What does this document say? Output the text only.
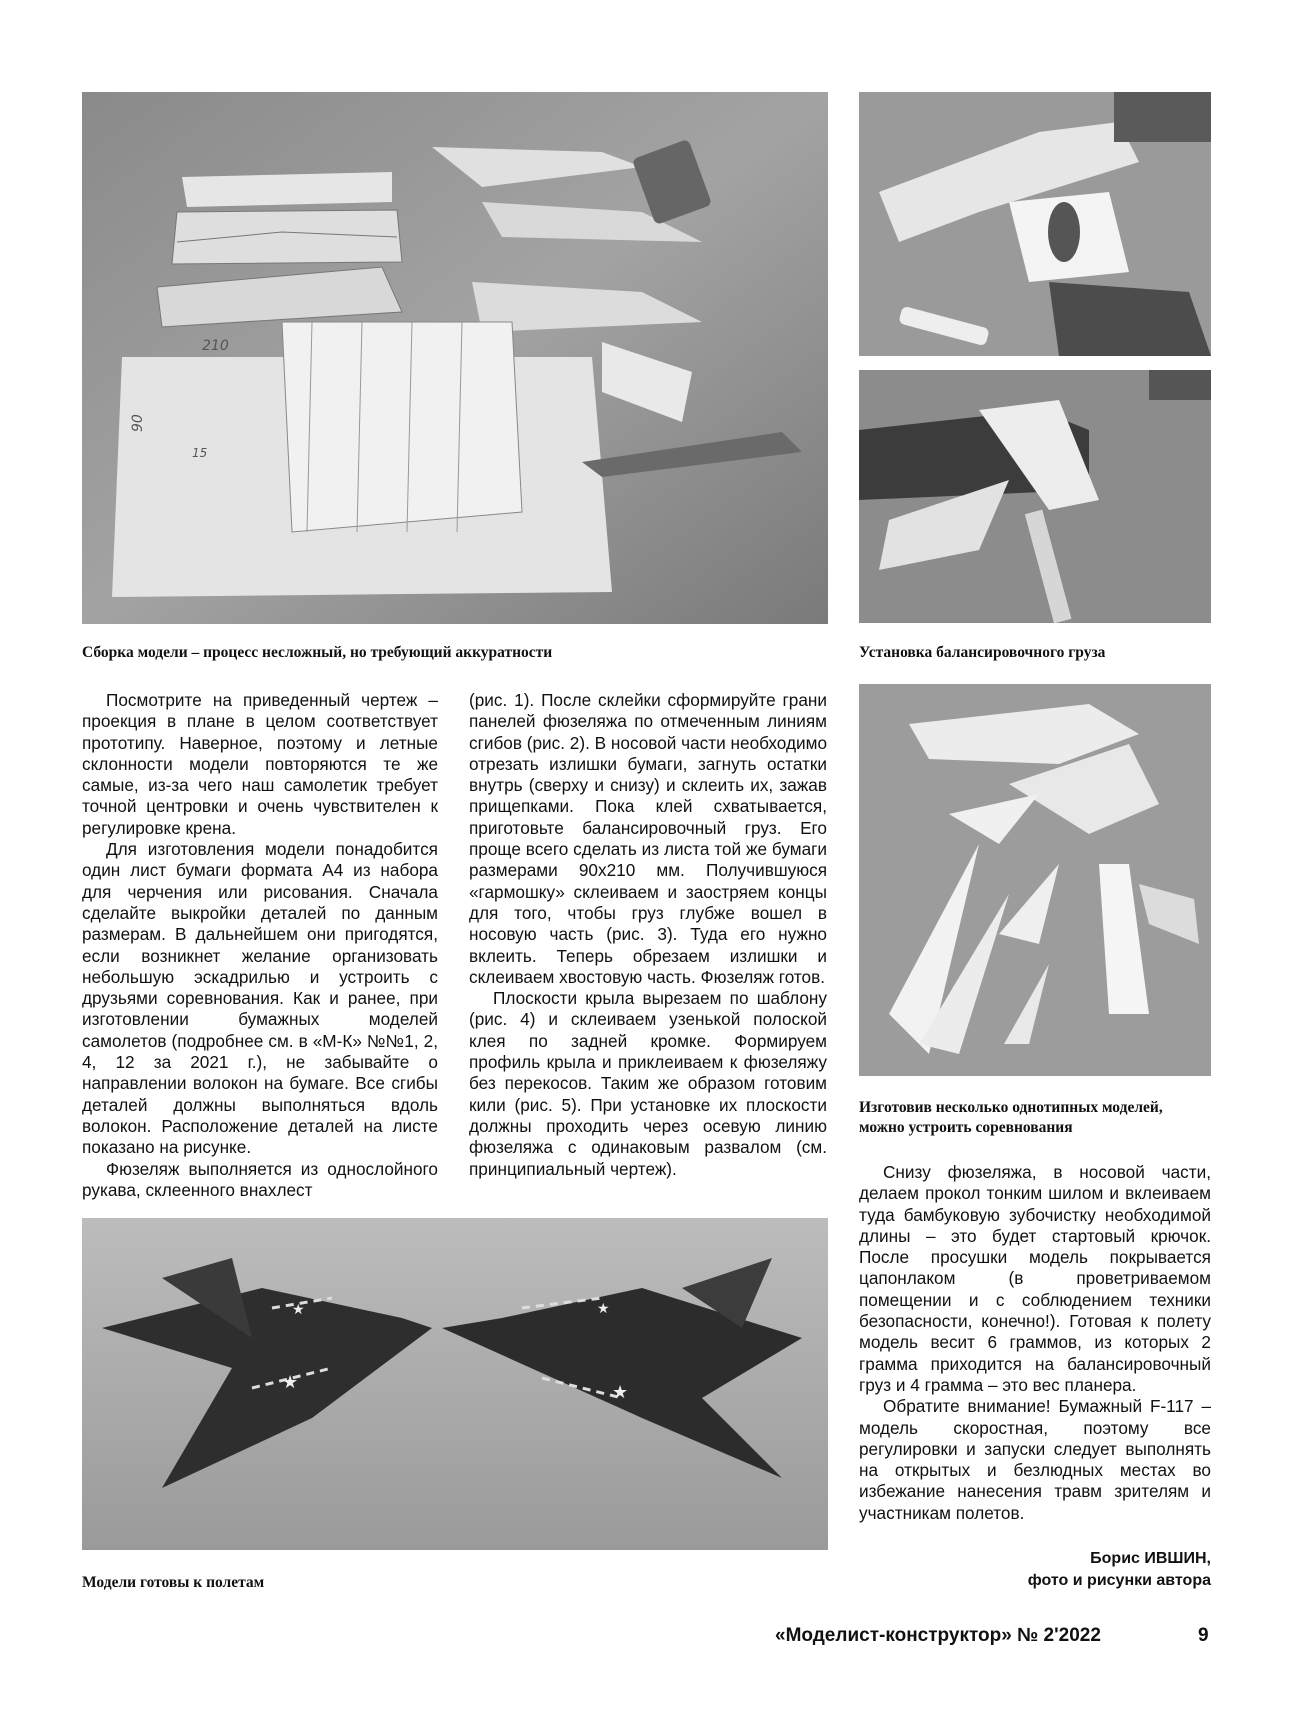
210
90
15
★
★
★
★
Сборка модели – процесс несложный, но требующий аккуратности	Установка балансировочного груза
Изготовив несколько однотипных моделей, можно устроить соревнования
Модели готовы к полетам

Посмотрите на приведенный чертеж – проекция в плане в целом соответствует прототипу. Наверное, поэтому и летные склонности модели повторяются те же самые, из-за чего наш самолетик требует точной центровки и очень чувствителен к регулировке крена.

Для изготовления модели понадобится один лист бумаги формата А4 из набора для черчения или рисования. Сначала сделайте выкройки деталей по данным размерам. В дальнейшем они пригодятся, если возникнет желание организовать небольшую эскадрилью и устроить с друзьями соревнования. Как и ранее, при изготовлении бумажных моделей самолетов (подробнее см. в «М-К» №№1, 2, 4, 12 за 2021 г.), не забывайте о направлении волокон на бумаге. Все сгибы деталей должны выполняться вдоль волокон. Расположение деталей на листе показано на рисунке.

Фюзеляж выполняется из однослойного рукава, склеенного внахлест

(рис. 1). После склейки сформируйте грани панелей фюзеляжа по отмеченным линиям сгибов (рис. 2). В носовой части необходимо отрезать излишки бумаги, загнуть остатки внутрь (сверху и снизу) и склеить их, зажав прищепками. Пока клей схватывается, приготовьте балансировочный груз. Его проще всего сделать из листа той же бумаги размерами 90x210 мм. Получившуюся «гармошку» склеиваем и заостряем концы для того, чтобы груз глубже вошел в носовую часть (рис. 3). Туда его нужно вклеить. Теперь обрезаем излишки и склеиваем хвостовую часть. Фюзеляж готов.

Плоскости крыла вырезаем по шаблону (рис. 4) и склеиваем узенькой полоской клея по задней кромке. Формируем профиль крыла и приклеиваем к фюзеляжу без перекосов. Таким же образом готовим кили (рис. 5). При установке их плоскости должны проходить через осевую линию фюзеляжа с одинаковым развалом (см. принципиальный чертеж).	Снизу фюзеляжа, в носовой части, делаем прокол тонким шилом и вклеиваем туда бамбуковую зубочистку необходимой длины – это будет стартовый крючок. После просушки модель покрывается цапонлаком (в проветриваемом помещении и с соблюдением техники безопасности, конечно!). Готовая к полету модель весит 6 граммов, из которых 2 грамма приходится на балансировочный груз и 4 грамма – это вес планера.

Обратите внимание! Бумажный F-117 – модель скоростная, поэтому все регулировки и запуски следует выполнять на открытых и безлюдных местах во избежание нанесения травм зрителям и участникам полетов.

Борис ИВШИН,
фото и рисунки автора
«Моделист-конструктор» № 2'2022	9
